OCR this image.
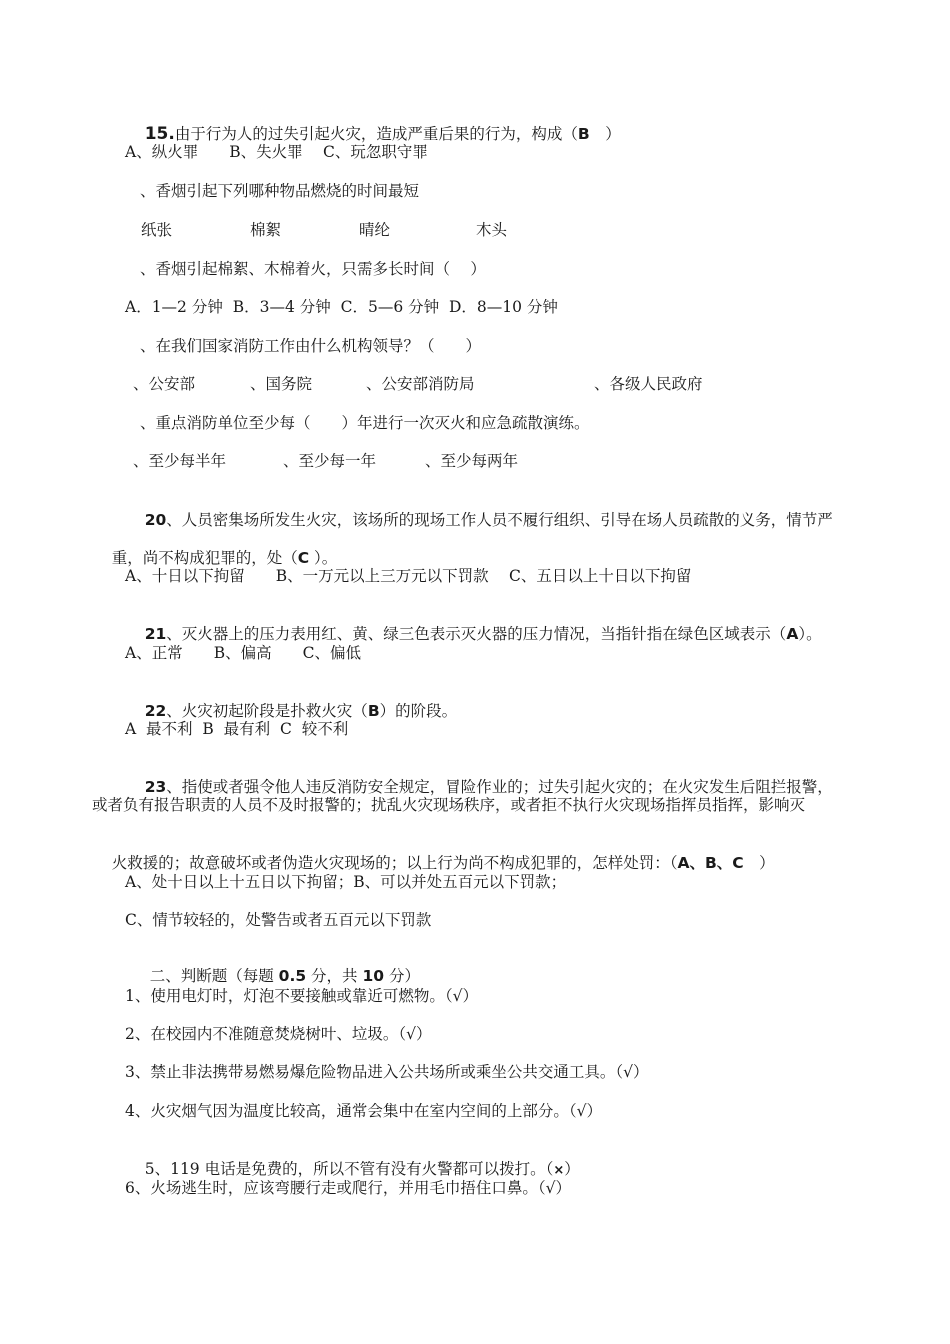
15.由于行为人的过失引起火灾，造成严重后果的行为，构成（B　）

A、纵火罪　　B、失火罪　 C、玩忽职守罪
、香烟引起下列哪种物品燃烧的时间最短
纸张	棉絮	晴纶	木头
、香烟引起棉絮、木棉着火，只需多长时间（　 ）
A．1—2 分钟  B．3—4 分钟  C．5—6 分钟  D．8—10 分钟
、在我们国家消防工作由什么机构领导？（　　）
、公安部	、国务院	、公安部消防局	、各级人民政府
、重点消防单位至少每（　　）年进行一次灭火和应急疏散演练。
、至少每半年	、至少每一年	、至少每两年

20、人员密集场所发生火灾，该场所的现场工作人员不履行组织、引导在场人员疏散的义务，情节严

重，尚不构成犯罪的，处（C ）。

A、十日以下拘留　　B、一万元以上三万元以下罚款　 C、五日以上十日以下拘留

21、灭火器上的压力表用红、黄、绿三色表示灭火器的压力情况，当指针指在绿色区域表示（A）。

A、正常　　B、偏高　　C、偏低

22、火灾初起阶段是扑救火灾（B）的阶段。

A  最不利  B  最有利  C  较不利

23、指使或者强令他人违反消防安全规定，冒险作业的；过失引起火灾的；在火灾发生后阻拦报警，

或者负有报告职责的人员不及时报警的；扰乱火灾现场秩序，或者拒不执行火灾现场指挥员指挥，影响灭

火救援的；故意破坏或者伪造火灾现场的；以上行为尚不构成犯罪的，怎样处罚：（A、B、C　）

A、处十日以上十五日以下拘留；B、可以并处五百元以下罚款；
C、情节较轻的，处警告或者五百元以下罚款

二、判断题（每题 0.5 分，共 10 分）

1、使用电灯时，灯泡不要接触或靠近可燃物。（√）
2、在校园内不准随意焚烧树叶、垃圾。（√）
3、禁止非法携带易燃易爆危险物品进入公共场所或乘坐公共交通工具。（√）
4、火灾烟气因为温度比较高，通常会集中在室内空间的上部分。（√）

5、119 电话是免费的，所以不管有没有火警都可以拨打。（×）

6、火场逃生时，应该弯腰行走或爬行，并用毛巾捂住口鼻。（√）
